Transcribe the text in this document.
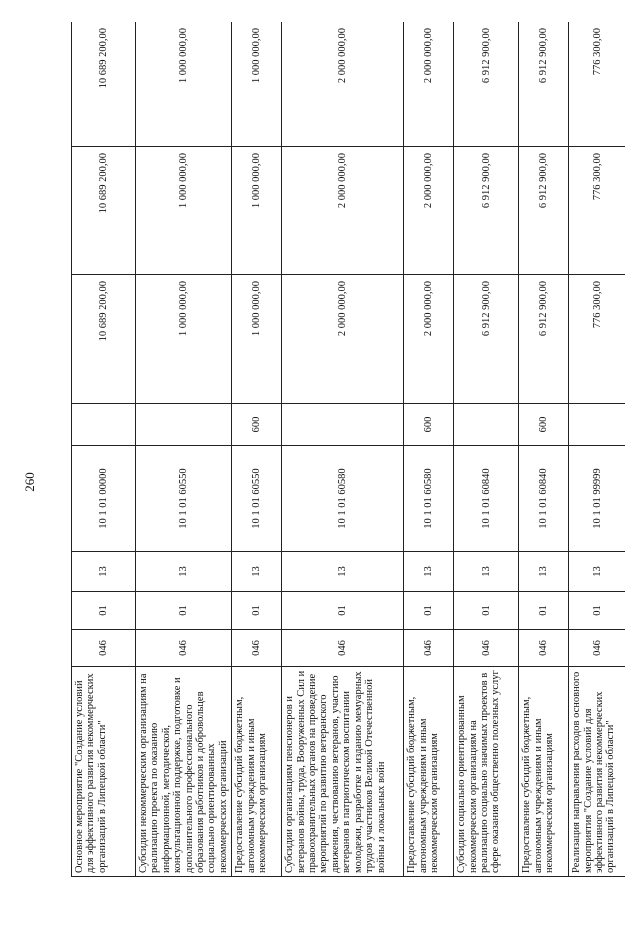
260
Основное мероприятие "Создание условий для эффективного развития некоммерческих организаций в Липецкой области"	046	01	13	10 1 01 00000		10 689 200,00	10 689 200,00	10 689 200,00
Субсидии некоммерческим организациям на реализацию проекта по оказанию информационной, методической, консультационной поддержке, подготовке и дополнительного профессионального образования работников и добровольцев социально ориентированных некоммерческих организаций	046	01	13	10 1 01 60550		1 000 000,00	1 000 000,00	1 000 000,00
Предоставление субсидий бюджетным, автономным учреждениям и иным некоммерческим организациям	046	01	13	10 1 01 60550	600	1 000 000,00	1 000 000,00	1 000 000,00
Субсидии организациям пенсионеров и ветеранов войны, труда, Вооруженных Сил и правоохранительных органов на проведение мероприятий по развитию ветеранского движения, чествованию ветеранов, участию ветеранов в патриотическом воспитании молодежи, разработке и изданию мемуарных трудов участников Великой Отечественной войны и локальных войн	046	01	13	10 1 01 60580		2 000 000,00	2 000 000,00	2 000 000,00
Предоставление субсидий бюджетным, автономным учреждениям и иным некоммерческим организациям	046	01	13	10 1 01 60580	600	2 000 000,00	2 000 000,00	2 000 000,00
Субсидии социально ориентированным некоммерческим организациям на реализацию социально значимых проектов в сфере оказания общественно полезных услуг	046	01	13	10 1 01 60840		6 912 900,00	6 912 900,00	6 912 900,00
Предоставление субсидий бюджетным, автономным учреждениям и иным некоммерческим организациям	046	01	13	10 1 01 60840	600	6 912 900,00	6 912 900,00	6 912 900,00
Реализация направления расходов основного мероприятия "Создание условий для эффективного развития некоммерческих организаций в Липецкой области"	046	01	13	10 1 01 99999		776 300,00	776 300,00	776 300,00
